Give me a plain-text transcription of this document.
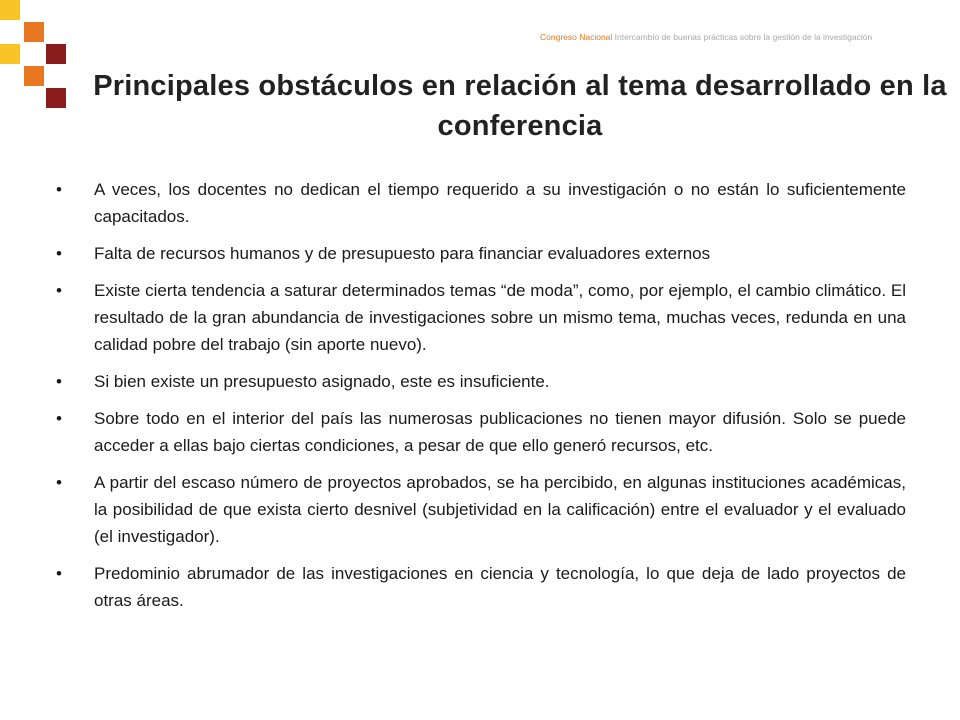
Congreso Nacional Intercambio de buenas prácticas sobre la gestión de la investigación
Principales obstáculos en relación al tema desarrollado en la conferencia
• A veces, los docentes no dedican el tiempo requerido a su investigación o no están lo suficientemente capacitados.
• Falta de recursos humanos y de presupuesto para financiar evaluadores externos
• Existe cierta tendencia a saturar determinados temas “de moda”, como, por ejemplo, el cambio climático. El resultado de la gran abundancia de investigaciones sobre un mismo tema, muchas veces, redunda en una calidad pobre del trabajo (sin aporte nuevo).
• Si bien existe un presupuesto asignado, este es insuficiente.
• Sobre todo en el interior del país las numerosas publicaciones no tienen mayor difusión. Solo se puede acceder a ellas bajo ciertas condiciones, a pesar de que ello generó recursos, etc.
• A partir del escaso número de proyectos aprobados, se ha percibido, en algunas instituciones académicas, la posibilidad de que exista cierto desnivel (subjetividad en la calificación) entre el evaluador y el evaluado (el investigador).
• Predominio abrumador de las investigaciones en ciencia y tecnología, lo que deja de lado proyectos de otras áreas.
